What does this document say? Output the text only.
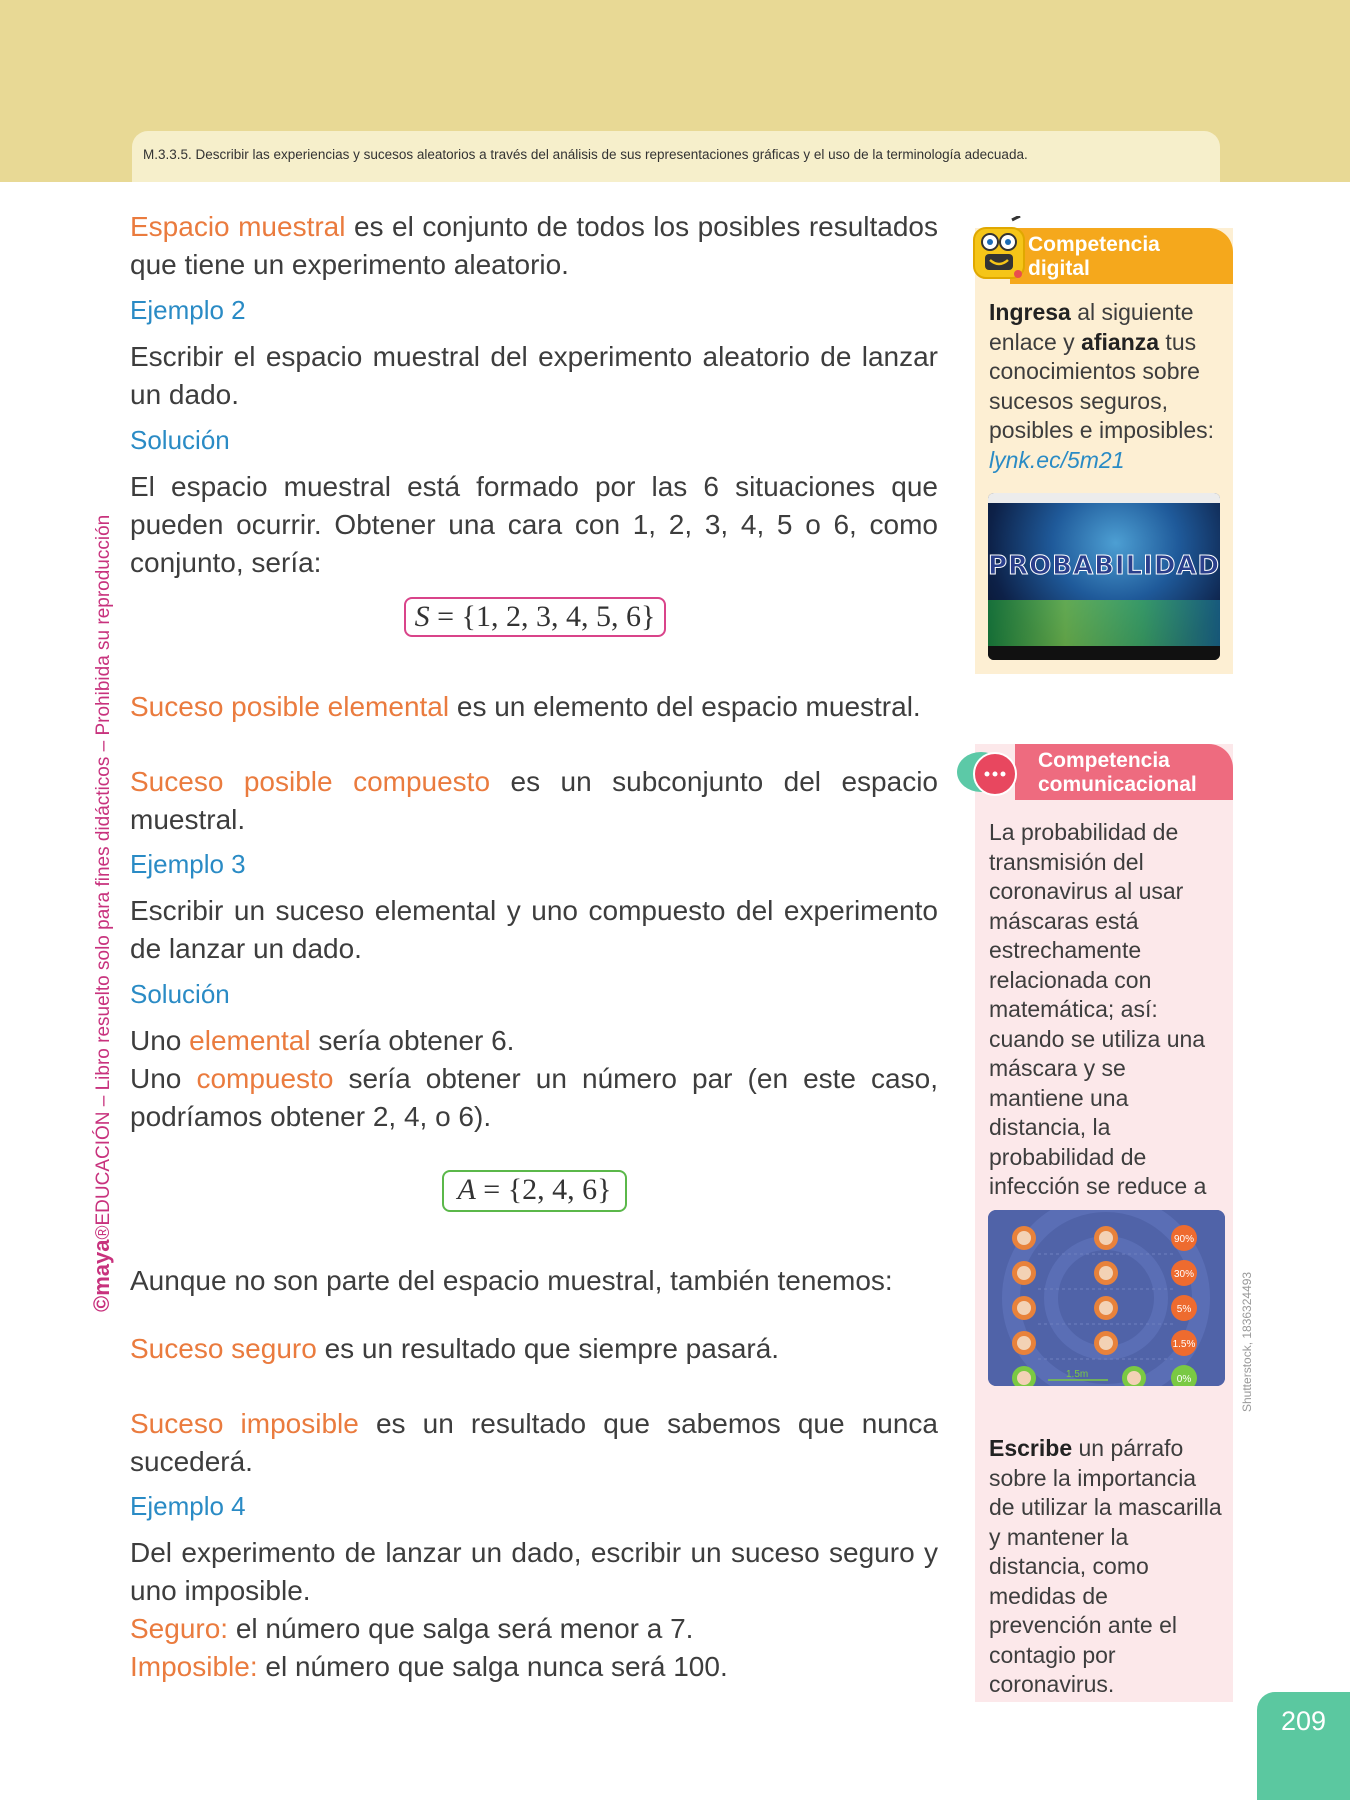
M.3.3.5. Describir las experiencias y sucesos aleatorios a través del análisis de sus representaciones gráficas y el uso de la terminología adecuada.
©maya®EDUCACIÓN – Libro resuelto solo para fines didácticos – Prohibida su reproducción

Espacio muestral es el conjunto de todos los posibles resultados que tiene un experimento aleatorio.

Ejemplo 2

Escribir el espacio muestral del experimento aleatorio de lanzar un dado.

Solución

El espacio muestral está formado por las 6 situaciones que pueden ocurrir. Obtener una cara con 1, 2, 3, 4, 5 o 6, como conjunto, sería:

Suceso posible elemental es un elemento del espacio muestral.

Suceso posible compuesto es un subconjunto del espacio muestral.

Ejemplo 3

Escribir un suceso elemental y uno compuesto del experimento de lanzar un dado.

Solución

Uno elemental sería obtener 6.

Uno compuesto sería obtener un número par (en este caso, podríamos obtener 2, 4, o 6).

Aunque no son parte del espacio muestral, también tenemos:

Suceso seguro es un resultado que siempre pasará.

Suceso imposible es un resultado que sabemos que nunca sucederá.

Ejemplo 4

Del experimento de lanzar un dado, escribir un suceso seguro y uno imposible.

Seguro: el número que salga será menor a 7.

Imposible: el número que salga nunca será 100.

S = {1, 2, 3, 4, 5, 6}
A = {2, 4, 6}
Competencia
digital
Ingresa al siguiente enlace y afianza tus conocimientos sobre sucesos seguros, posibles e imposibles: lynk.ec/5m21
PROBABILIDAD
Competencia
comunicacional
La probabilidad de transmisión del coronavirus al usar máscaras está estrechamente relacionada con matemática; así: cuando se utiliza una máscara y se mantiene una distancia, la probabilidad de infección se reduce a
90%
30%
5%
1.5%
0%
1.5m
Escribe un párrafo sobre la importancia de utilizar la mascarilla y mantener la distancia, como medidas de prevención ante el contagio por coronavirus.
Shutterstock, 1836324493
209
